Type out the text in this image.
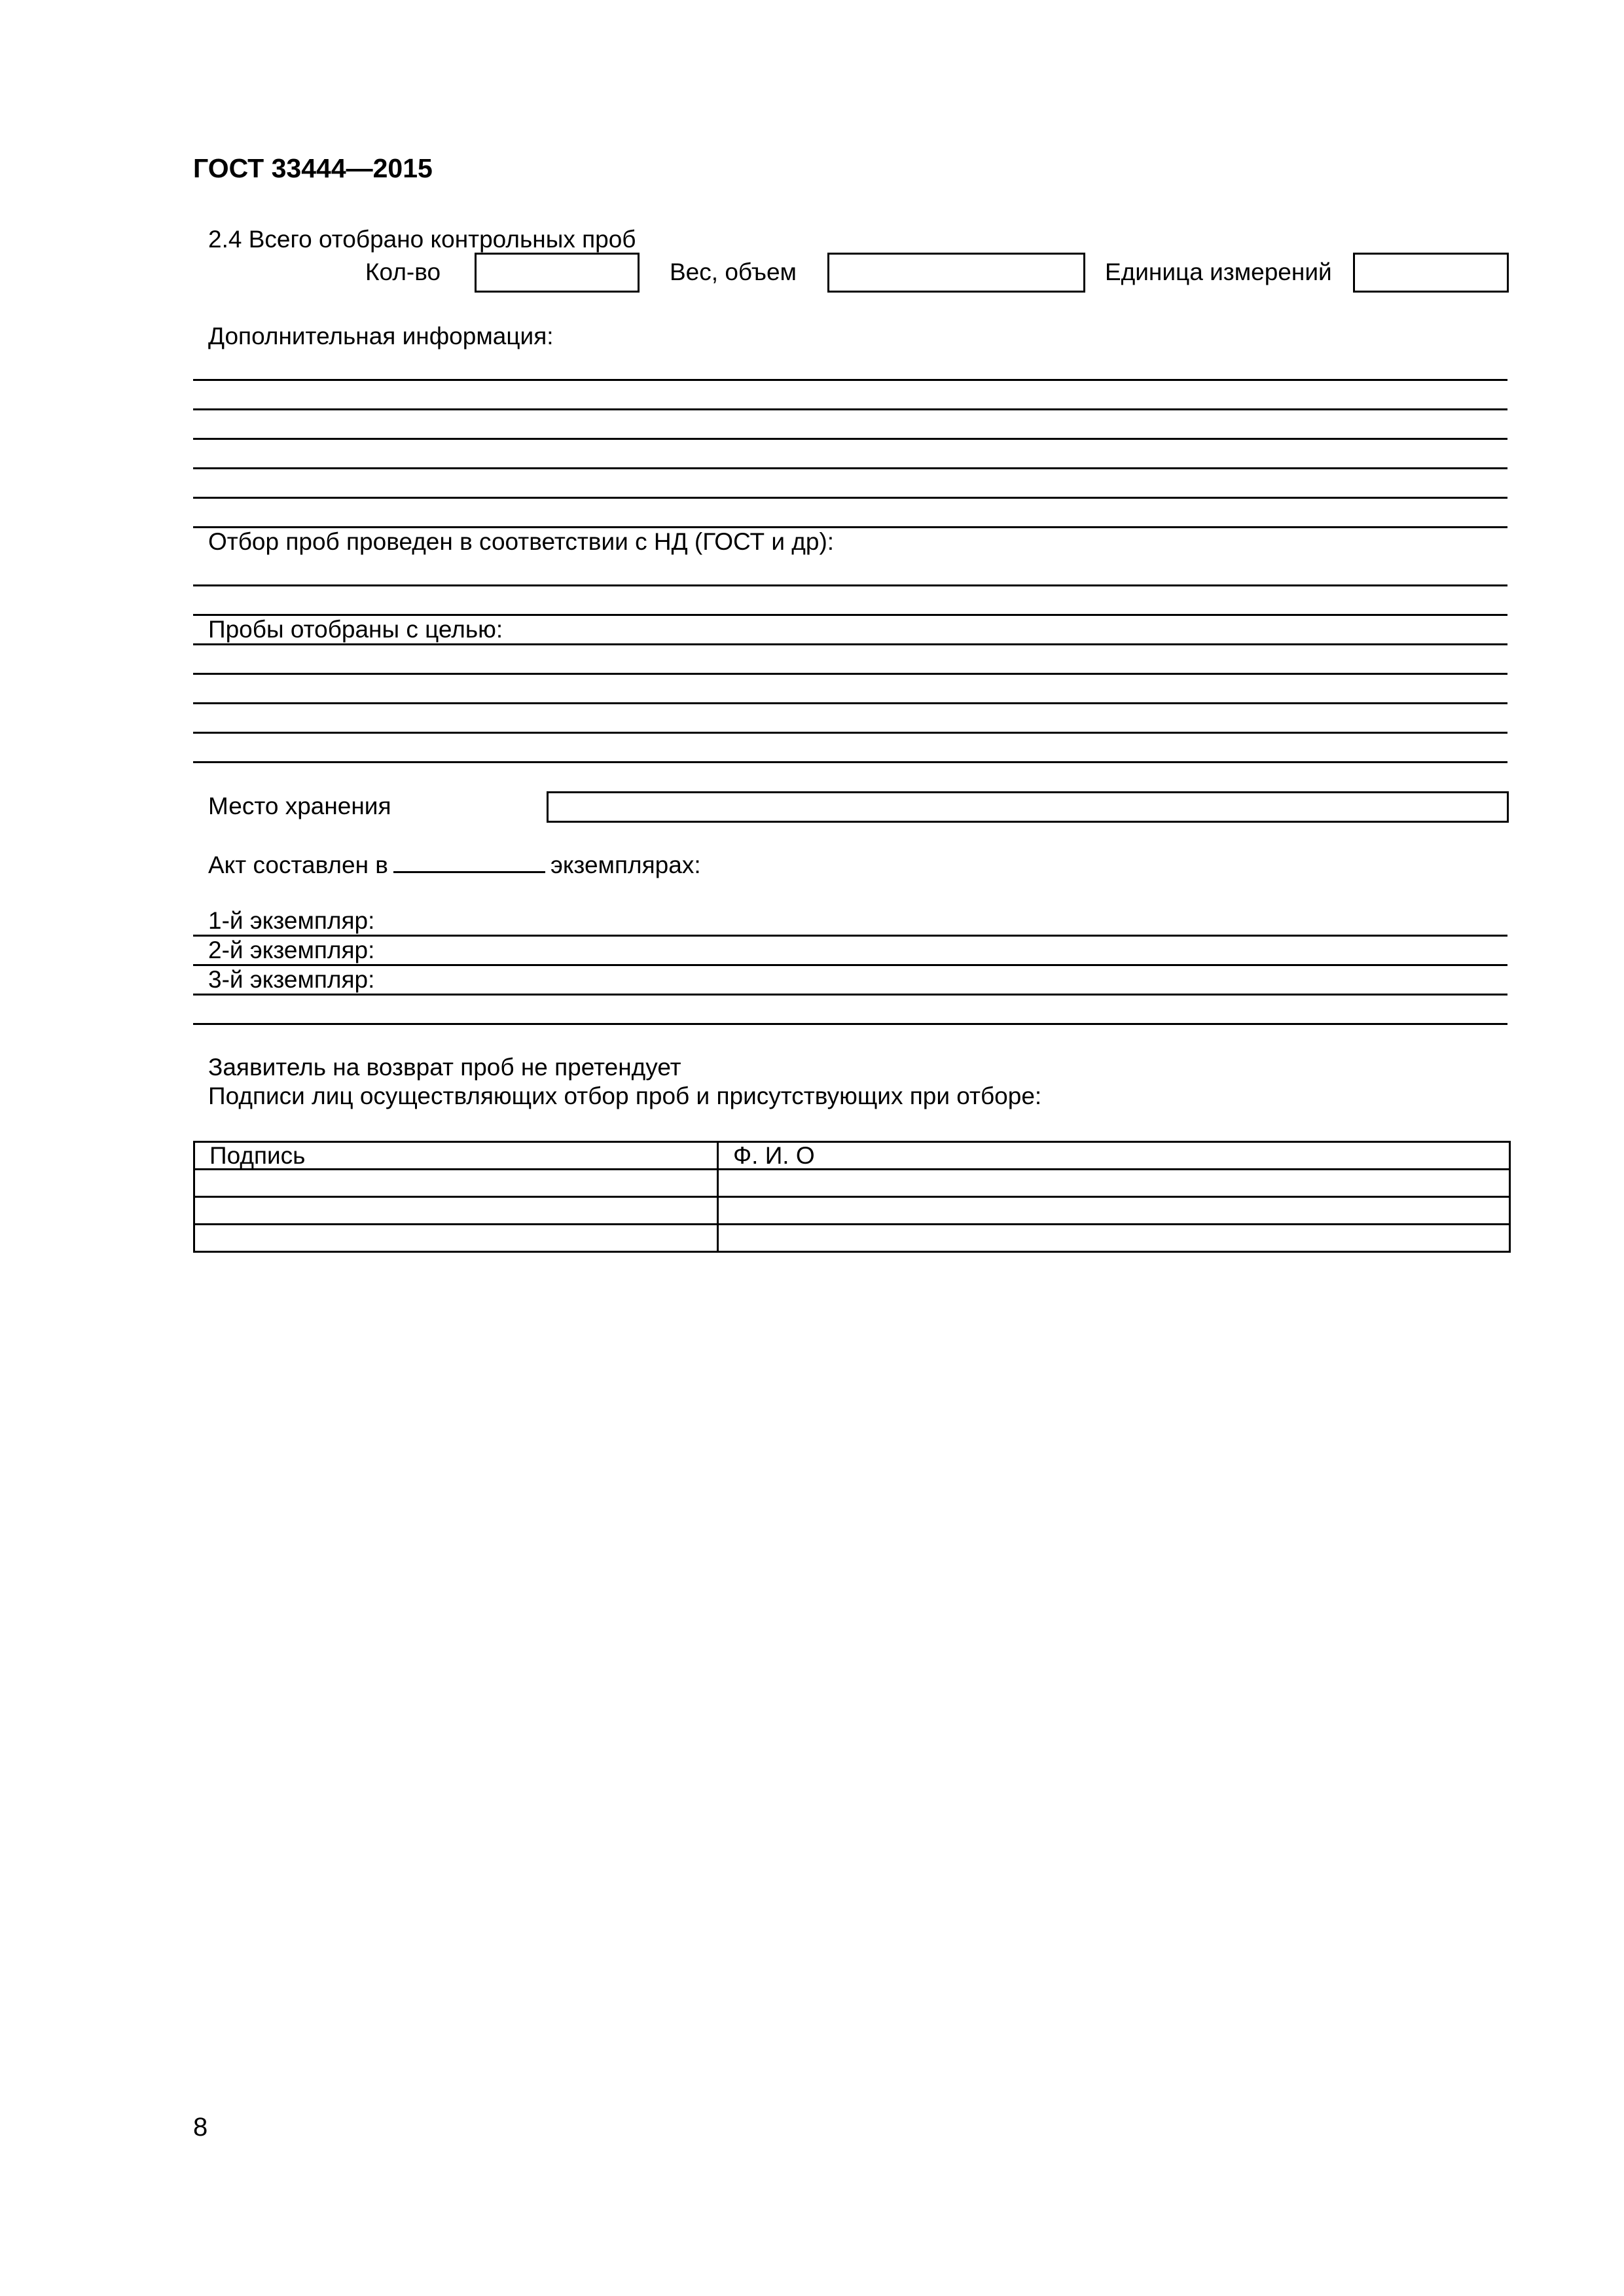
ГОСТ 33444—2015
2.4 Всего отобрано контрольных проб
Кол-во	Вес, объем	Единица измерений
Дополнительная информация:
Отбор проб проведен в соответствии с НД (ГОСТ и др):
Пробы отобраны с целью:
Место хранения
Акт составлен в	экземплярах:
1-й экземпляр:
2-й экземпляр:
3-й экземпляр:
Заявитель на возврат проб не претендует
Подписи лиц осуществляющих отбор проб и присутствующих при отборе:
Подпись	Ф. И. О

8
